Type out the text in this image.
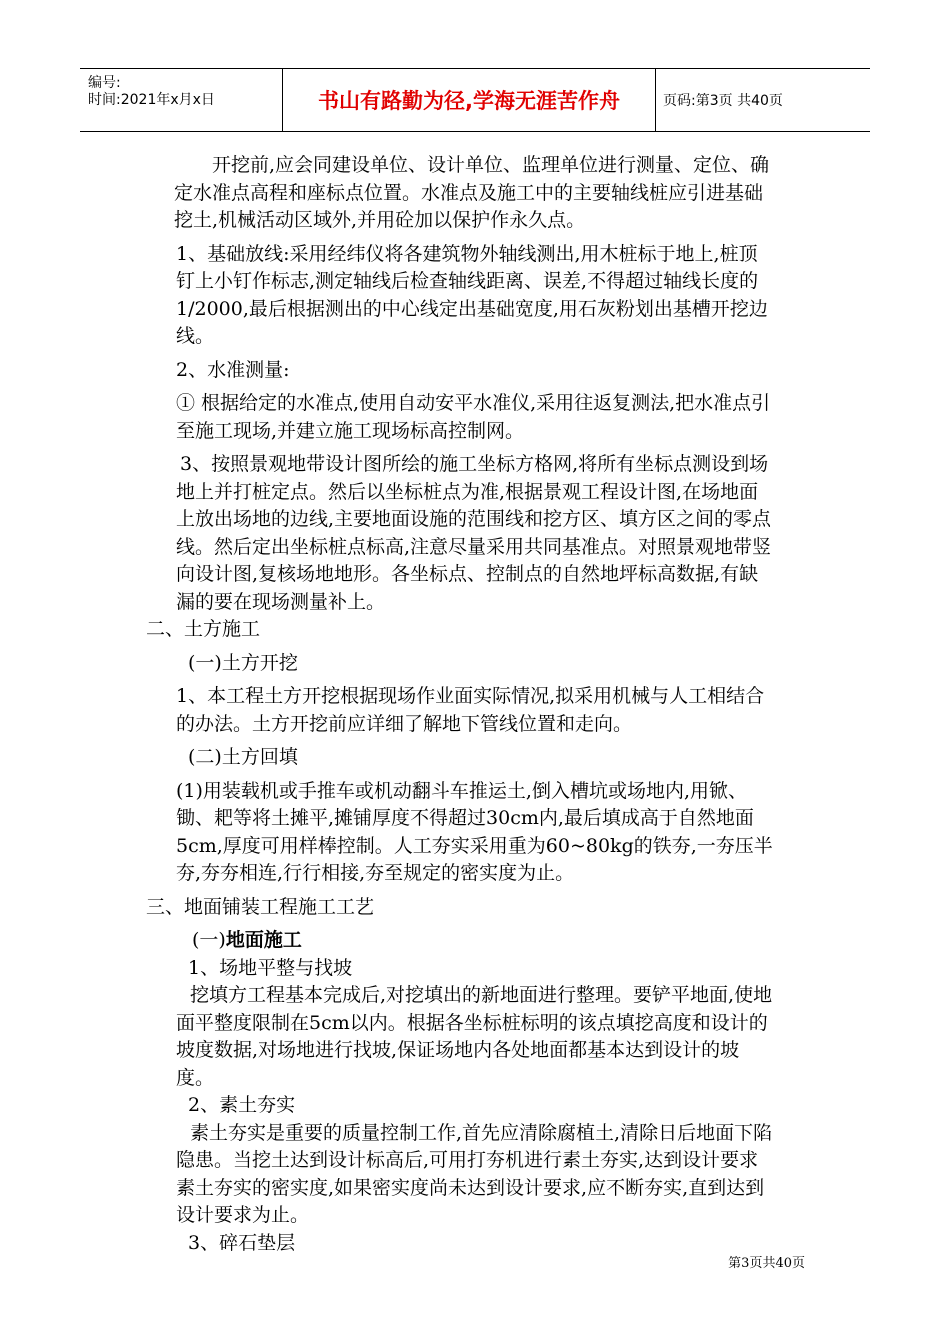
编号:
时间:2021年x月x日	书山有路勤为径,学海无涯苦作舟	页码:第3页 共40页

开挖前,应会同建设单位、设计单位、监理单位进行测量、定位、确定水准点高程和座标点位置。水准点及施工中的主要轴线桩应引进基础挖土,机械活动区域外,并用砼加以保护作永久点。

1、基础放线:采用经纬仪将各建筑物外轴线测出,用木桩标于地上,桩顶钉上小钉作标志,测定轴线后检查轴线距离、误差,不得超过轴线长度的1/2000,最后根据测出的中心线定出基础宽度,用石灰粉划出基槽开挖边线。

2、水准测量:

① 根据给定的水准点,使用自动安平水准仪,采用往返复测法,把水准点引至施工现场,并建立施工现场标高控制网。

3、按照景观地带设计图所绘的施工坐标方格网,将所有坐标点测设到场地上并打桩定点。然后以坐标桩点为准,根据景观工程设计图,在场地面上放出场地的边线,主要地面设施的范围线和挖方区、填方区之间的零点线。然后定出坐标桩点标高,注意尽量采用共同基准点。对照景观地带竖向设计图,复核场地地形。各坐标点、控制点的自然地坪标高数据,有缺漏的要在现场测量补上。

二、土方施工

(一)土方开挖

1、本工程土方开挖根据现场作业面实际情况,拟采用机械与人工相结合的办法。土方开挖前应详细了解地下管线位置和走向。

(二)土方回填

(1)用装载机或手推车或机动翻斗车推运土,倒入槽坑或场地内,用锨、锄、耙等将土摊平,摊铺厚度不得超过30cm内,最后填成高于自然地面5cm,厚度可用样棒控制。人工夯实采用重为60~80kg的铁夯,一夯压半夯,夯夯相连,行行相接,夯至规定的密实度为止。

三、地面铺装工程施工工艺

(一)地面施工

1、场地平整与找坡

挖填方工程基本完成后,对挖填出的新地面进行整理。要铲平地面,使地面平整度限制在5cm以内。根据各坐标桩标明的该点填挖高度和设计的坡度数据,对场地进行找坡,保证场地内各处地面都基本达到设计的坡度。

2、素土夯实

素土夯实是重要的质量控制工作,首先应清除腐植土,清除日后地面下陷隐患。当挖土达到设计标高后,可用打夯机进行素土夯实,达到设计要求素土夯实的密实度,如果密实度尚未达到设计要求,应不断夯实,直到达到设计要求为止。

3、碎石垫层

第3页共40页
